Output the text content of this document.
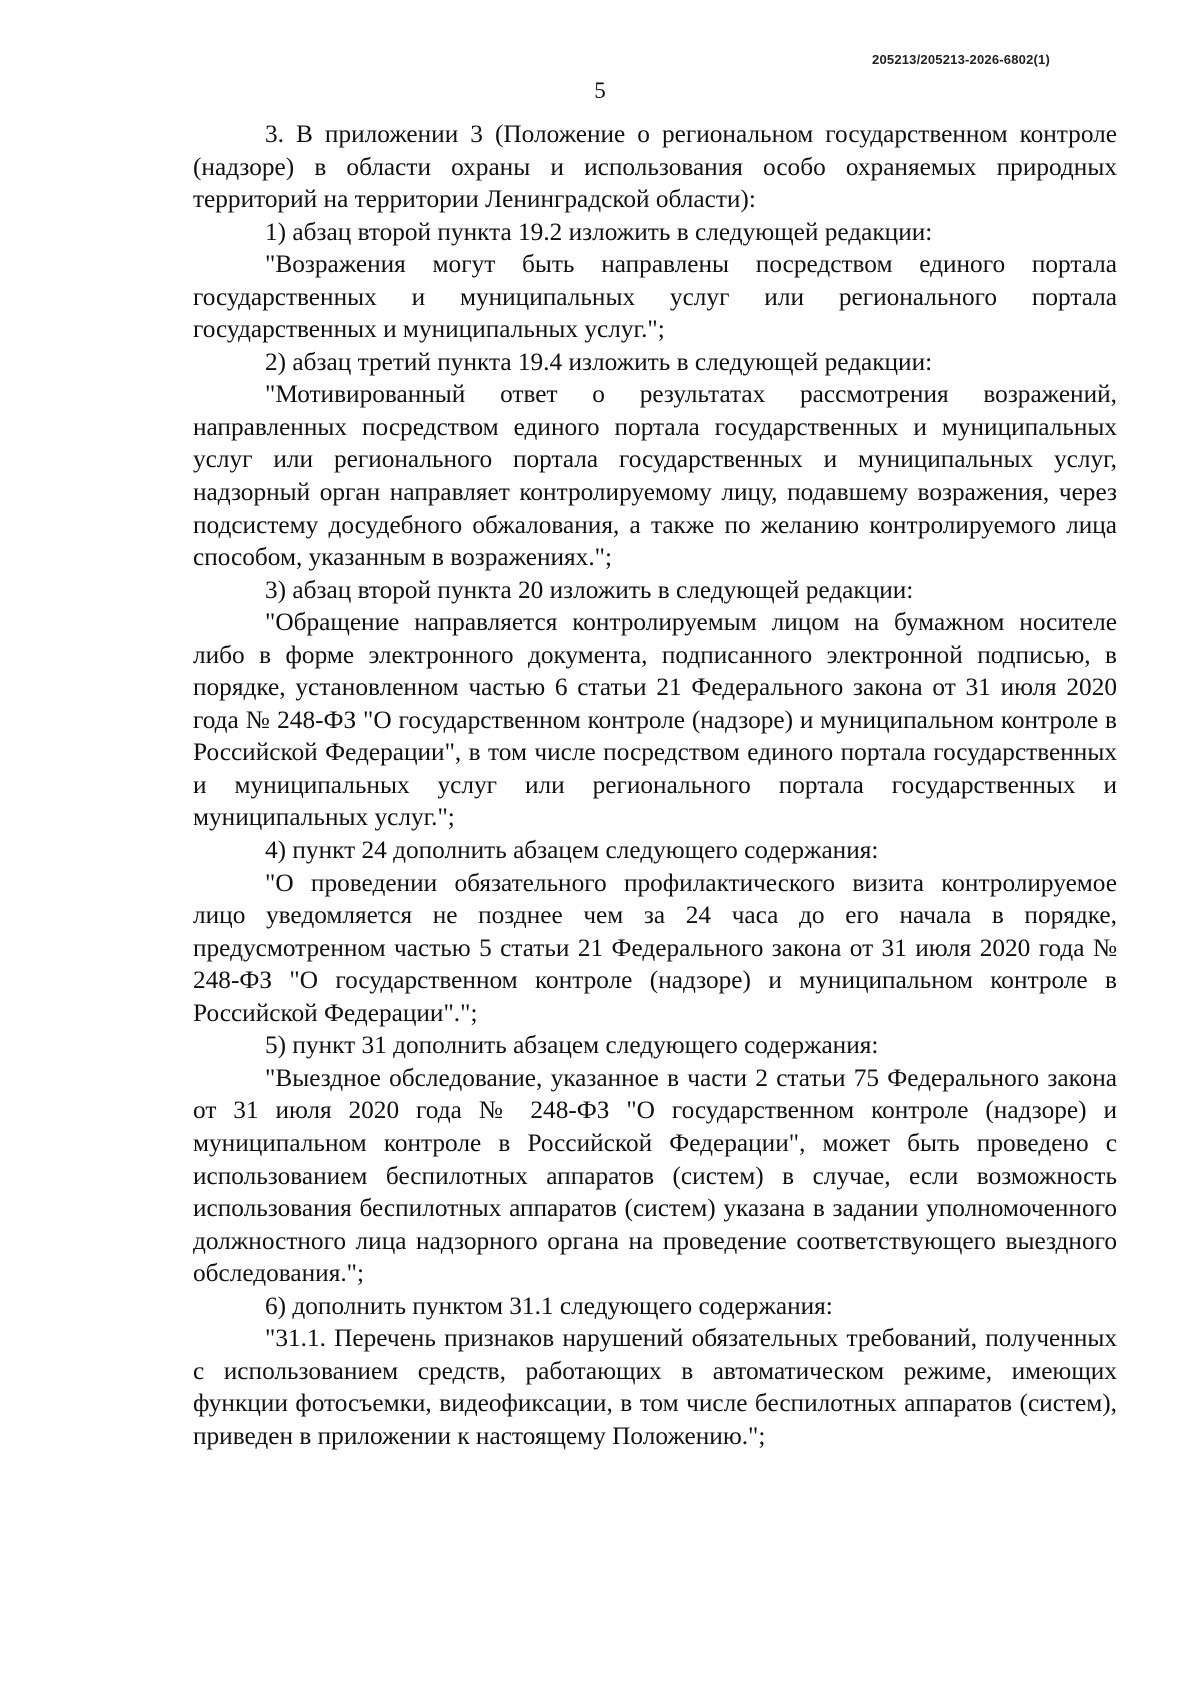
205213/205213-2026-6802(1)
5

3. В приложении 3 (Положение о региональном государственном контроле (надзоре) в области охраны и использования особо охраняемых природных территорий на территории Ленинградской области):

1) абзац второй пункта 19.2 изложить в следующей редакции:

"Возражения могут быть направлены посредством единого портала государственных и муниципальных услуг или регионального портала государственных и муниципальных услуг.";

2) абзац третий пункта 19.4 изложить в следующей редакции:

"Мотивированный ответ о результатах рассмотрения возражений, направленных посредством единого портала государственных и муниципальных услуг или регионального портала государственных и муниципальных услуг, надзорный орган направляет контролируемому лицу, подавшему возражения, через подсистему досудебного обжалования, а также по желанию контролируемого лица способом, указанным в возражениях.";

3) абзац второй пункта 20 изложить в следующей редакции:

"Обращение направляется контролируемым лицом на бумажном носителе либо в форме электронного документа, подписанного электронной подписью, в порядке, установленном частью 6 статьи 21 Федерального закона от 31 июля 2020 года № 248-ФЗ "О государственном контроле (надзоре) и муниципальном контроле в Российской Федерации", в том числе посредством единого портала государственных и муниципальных услуг или регионального портала государственных и муниципальных услуг.";

4) пункт 24 дополнить абзацем следующего содержания:

"О проведении обязательного профилактического визита контролируемое лицо уведомляется не позднее чем за 24 часа до его начала в порядке, предусмотренном частью 5 статьи 21 Федерального закона от 31 июля 2020 года № 248-ФЗ "О государственном контроле (надзоре) и муниципальном контроле в Российской Федерации".";

5) пункт 31 дополнить абзацем следующего содержания:

"Выездное обследование, указанное в части 2 статьи 75 Федерального закона от 31 июля 2020 года № 248-ФЗ "О государственном контроле (надзоре) и муниципальном контроле в Российской Федерации", может быть проведено с использованием беспилотных аппаратов (систем) в случае, если возможность использования беспилотных аппаратов (систем) указана в задании уполномоченного должностного лица надзорного органа на проведение соответствующего выездного обследования.";

6) дополнить пунктом 31.1 следующего содержания:

"31.1. Перечень признаков нарушений обязательных требований, полученных с использованием средств, работающих в автоматическом режиме, имеющих функции фотосъемки, видеофиксации, в том числе беспилотных аппаратов (систем), приведен в приложении к настоящему Положению.";
